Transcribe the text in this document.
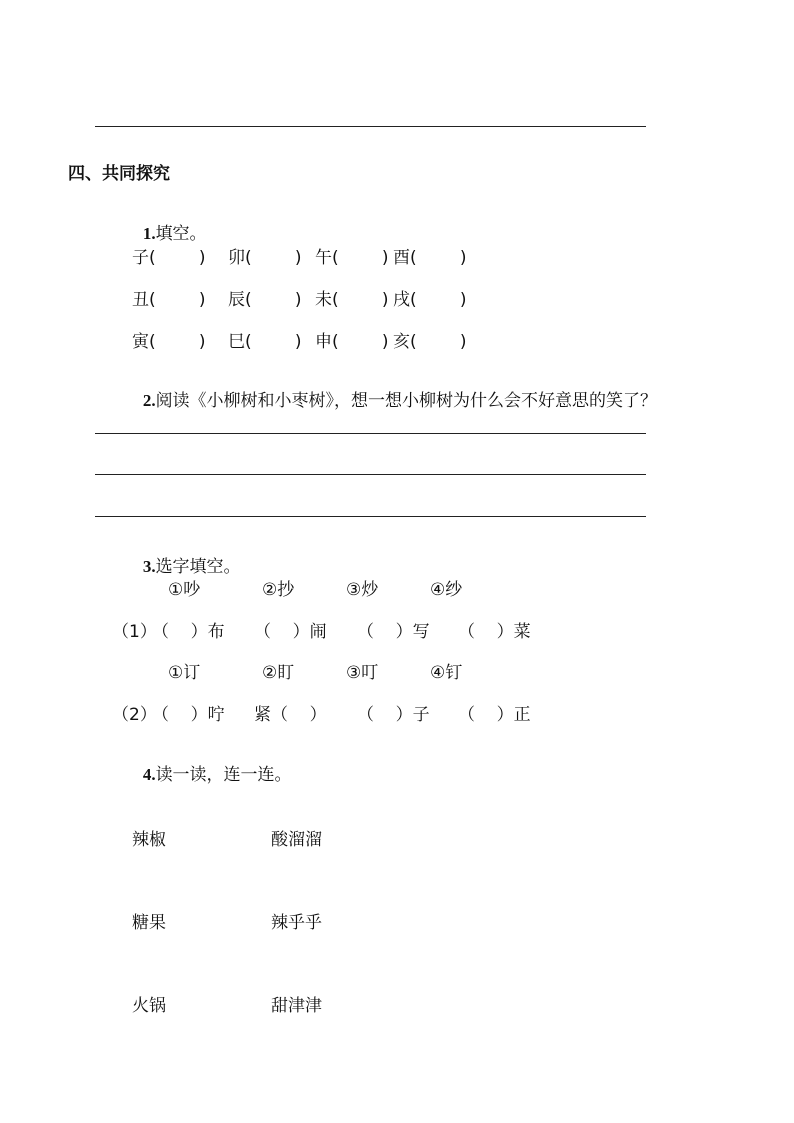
四、共同探究

1.填空。

子(        ) 卯(        ) 午(        ) 酉(        )
丑(        ) 辰(        ) 未(        ) 戌(        )
寅(        ) 巳(        ) 申(        ) 亥(        )

2.阅读《小柳树和小枣树》，想一想小柳树为什么会不好意思的笑了？

3.选字填空。

①吵	②抄	③炒	④纱
（1）
（    ）布 （    ）闹 （    ）写 （    ）菜
①订	②盯	③叮	④钉
（2）
（    ）咛 紧（    ） （    ）子 （    ）正

4.读一读，连一连。

辣椒	酸溜溜
糖果	辣乎乎
火锅	甜津津
